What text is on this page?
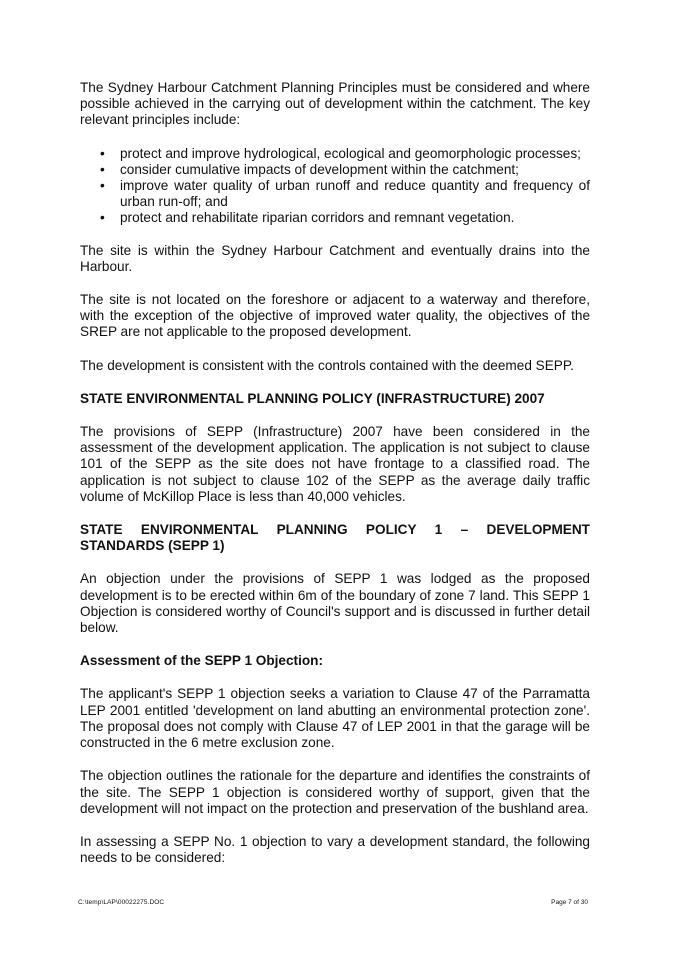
The Sydney Harbour Catchment Planning Principles must be considered and where possible achieved in the carrying out of development within the catchment. The key relevant principles include:

• protect and improve hydrological, ecological and geomorphologic processes;
• consider cumulative impacts of development within the catchment;
• improve water quality of urban runoff and reduce quantity and frequency of urban run-off; and
• protect and rehabilitate riparian corridors and remnant vegetation.

The site is within the Sydney Harbour Catchment and eventually drains into the Harbour.

The site is not located on the foreshore or adjacent to a waterway and therefore, with the exception of the objective of improved water quality, the objectives of the SREP are not applicable to the proposed development.

The development is consistent with the controls contained with the deemed SEPP.

STATE ENVIRONMENTAL PLANNING POLICY (INFRASTRUCTURE) 2007

The provisions of SEPP (Infrastructure) 2007 have been considered in the assessment of the development application. The application is not subject to clause 101 of the SEPP as the site does not have frontage to a classified road. The application is not subject to clause 102 of the SEPP as the average daily traffic volume of McKillop Place is less than 40,000 vehicles.

STATE ENVIRONMENTAL PLANNING POLICY 1 – DEVELOPMENT STANDARDS (SEPP 1)

An objection under the provisions of SEPP 1 was lodged as the proposed development is to be erected within 6m of the boundary of zone 7 land. This SEPP 1 Objection is considered worthy of Council's support and is discussed in further detail below.

Assessment of the SEPP 1 Objection:

The applicant's SEPP 1 objection seeks a variation to Clause 47 of the Parramatta LEP 2001 entitled 'development on land abutting an environmental protection zone'. The proposal does not comply with Clause 47 of LEP 2001 in that the garage will be constructed in the 6 metre exclusion zone.

The objection outlines the rationale for the departure and identifies the constraints of the site. The SEPP 1 objection is considered worthy of support, given that the development will not impact on the protection and preservation of the bushland area.

In assessing a SEPP No. 1 objection to vary a development standard, the following needs to be considered:

C:\temp\LAP\00022275.DOC	Page 7 of 30
